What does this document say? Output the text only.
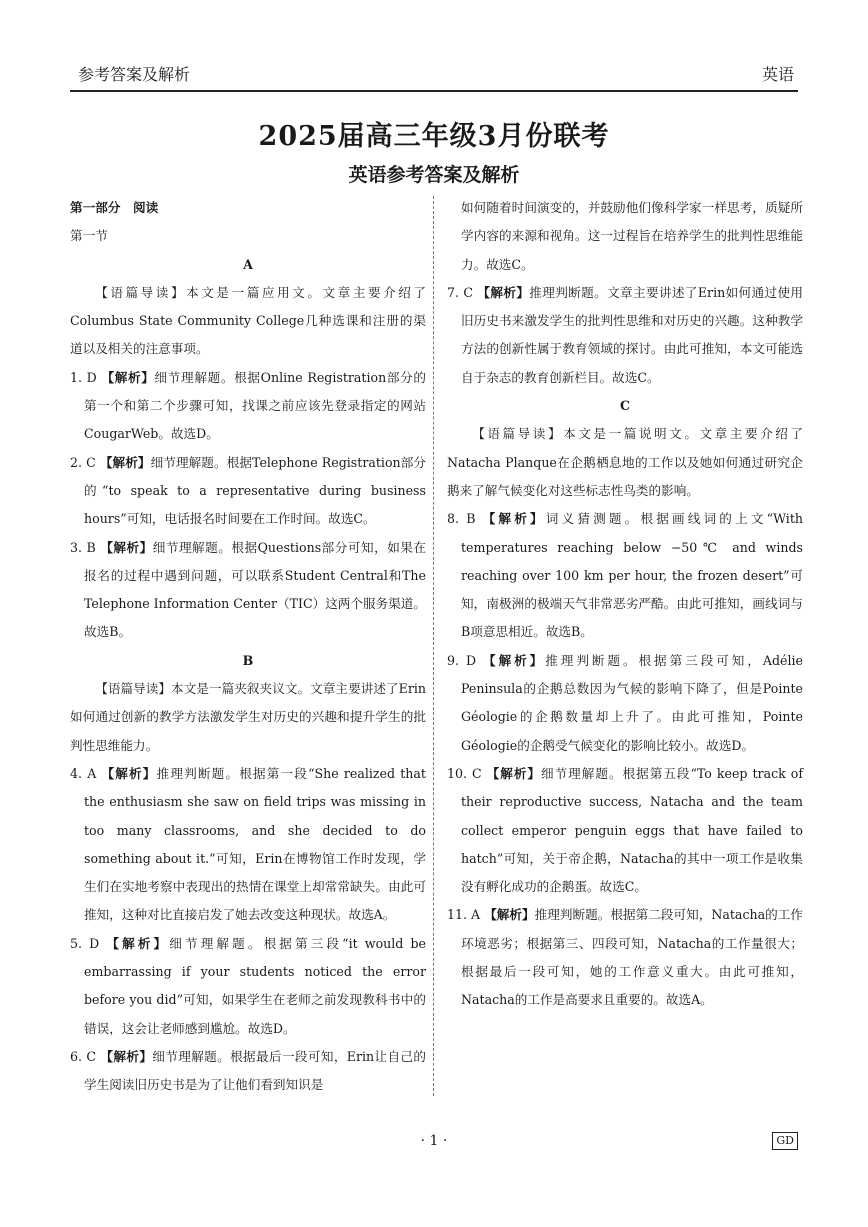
参考答案及解析	英语
2025届高三年级3月份联考
英语参考答案及解析

第一部分　阅读

第一节

A

【语篇导读】本文是一篇应用文。文章主要介绍了Columbus State Community College几种选课和注册的渠道以及相关的注意事项。

1. D 【解析】细节理解题。根据Online Registration部分的第一个和第二个步骤可知，找课之前应该先登录指定的网站CougarWeb。故选D。

2. C 【解析】细节理解题。根据Telephone Registration部分的“to speak to a representative during business hours”可知，电话报名时间要在工作时间。故选C。

3. B 【解析】细节理解题。根据Questions部分可知，如果在报名的过程中遇到问题，可以联系Student Central和The Telephone Information Center（TIC）这两个服务渠道。故选B。

B

【语篇导读】本文是一篇夹叙夹议文。文章主要讲述了Erin如何通过创新的教学方法激发学生对历史的兴趣和提升学生的批判性思维能力。

4. A 【解析】推理判断题。根据第一段“She realized that the enthusiasm she saw on field trips was missing in too many classrooms, and she decided to do something about it.”可知，Erin在博物馆工作时发现，学生们在实地考察中表现出的热情在课堂上却常常缺失。由此可推知，这种对比直接启发了她去改变这种现状。故选A。

5. D 【解析】细节理解题。根据第三段“it would be embarrassing if your students noticed the error before you did”可知，如果学生在老师之前发现教科书中的错误，这会让老师感到尴尬。故选D。

6. C 【解析】细节理解题。根据最后一段可知，Erin让自己的学生阅读旧历史书是为了让他们看到知识是

如何随着时间演变的，并鼓励他们像科学家一样思考，质疑所学内容的来源和视角。这一过程旨在培养学生的批判性思维能力。故选C。

7. C 【解析】推理判断题。文章主要讲述了Erin如何通过使用旧历史书来激发学生的批判性思维和对历史的兴趣。这种教学方法的创新性属于教育领域的探讨。由此可推知，本文可能选自于杂志的教育创新栏目。故选C。

C

【语篇导读】本文是一篇说明文。文章主要介绍了Natacha Planque在企鹅栖息地的工作以及她如何通过研究企鹅来了解气候变化对这些标志性鸟类的影响。

8. B 【解析】词义猜测题。根据画线词的上文“With temperatures reaching below −50℃ and winds reaching over 100 km per hour, the frozen desert”可知，南极洲的极端天气非常恶劣严酷。由此可推知，画线词与B项意思相近。故选B。

9. D 【解析】推理判断题。根据第三段可知，Adélie Peninsula的企鹅总数因为气候的影响下降了，但是Pointe Géologie的企鹅数量却上升了。由此可推知，Pointe Géologie的企鹅受气候变化的影响比较小。故选D。

10. C 【解析】细节理解题。根据第五段“To keep track of their reproductive success, Natacha and the team collect emperor penguin eggs that have failed to hatch”可知，关于帝企鹅，Natacha的其中一项工作是收集没有孵化成功的企鹅蛋。故选C。

11. A 【解析】推理判断题。根据第二段可知，Natacha的工作环境恶劣；根据第三、四段可知，Natacha的工作量很大；根据最后一段可知，她的工作意义重大。由此可推知，Natacha的工作是高要求且重要的。故选A。

· 1 ·	GD
